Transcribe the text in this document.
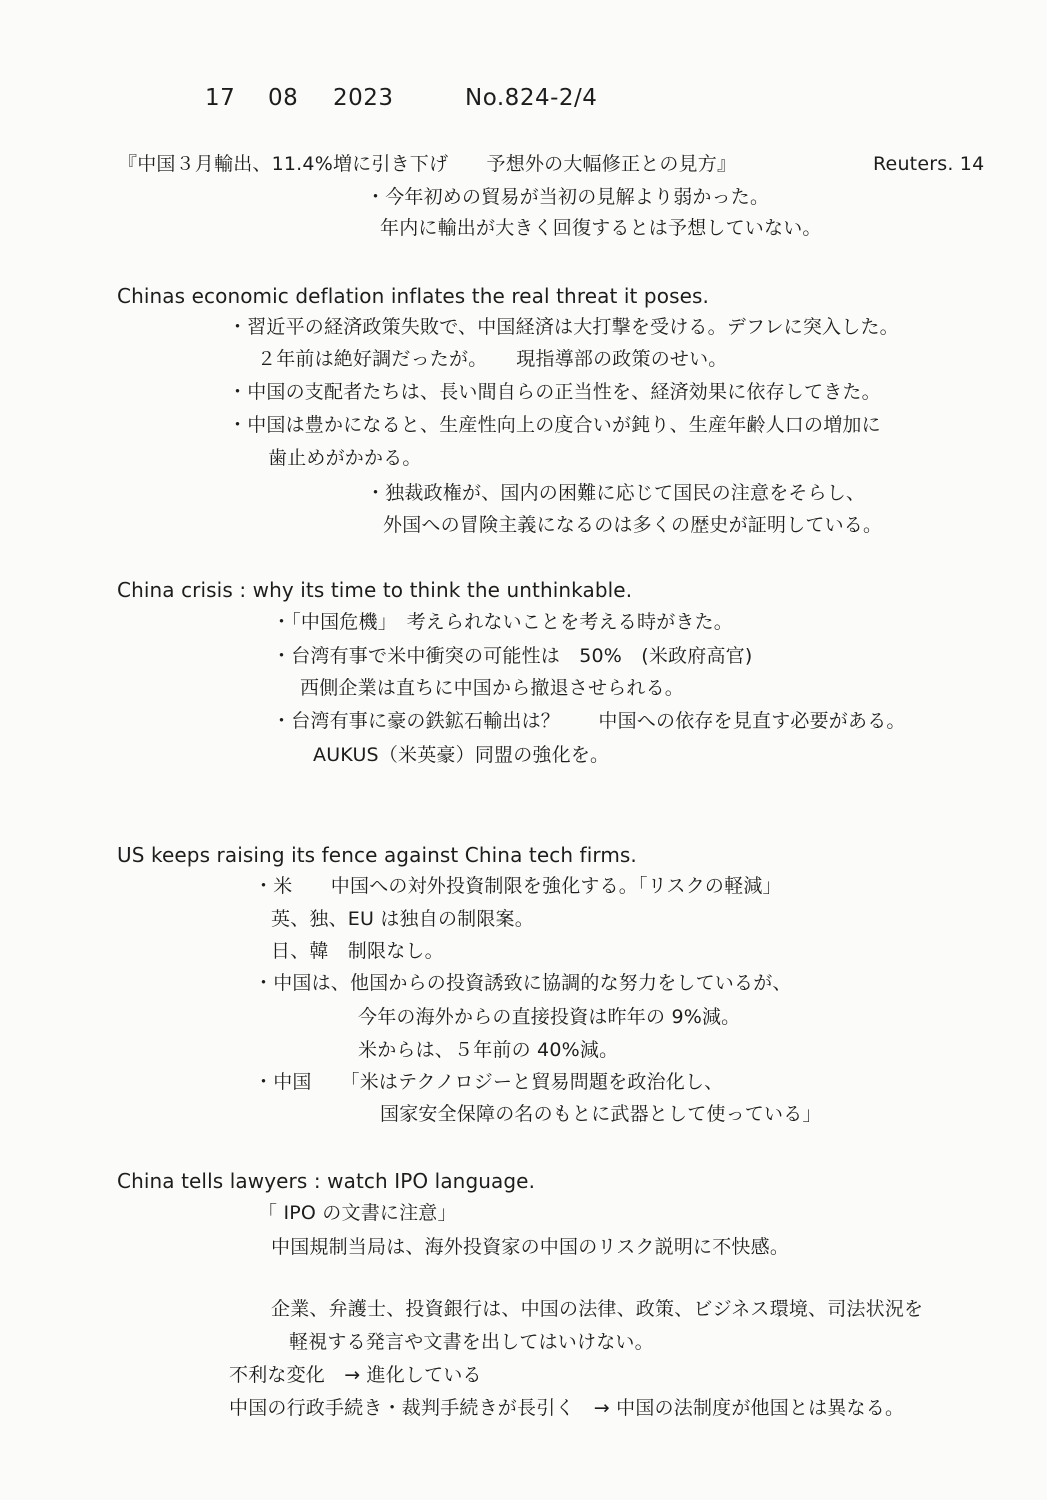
17 08 2023	No.824-2/4
『中国３月輸出、11.4%増に引き下げ　　予想外の大幅修正との見方』	Reuters. 14
・今年初めの貿易が当初の見解より弱かった。
年内に輸出が大きく回復するとは予想していない。
Chinas economic deflation inflates the real threat it poses.
・習近平の経済政策失敗で、中国経済は大打撃を受ける。デフレに突入した。
２年前は絶好調だったが。　　現指導部の政策のせい。
・中国の支配者たちは、長い間自らの正当性を、経済効果に依存してきた。
・中国は豊かになると、生産性向上の度合いが鈍り、生産年齢人口の増加に
歯止めがかかる。
・独裁政権が、国内の困難に応じて国民の注意をそらし、
外国への冒険主義になるのは多くの歴史が証明している。
China crisis : why its time to think the unthinkable.
・「中国危機」　考えられないことを考える時がきた。
・台湾有事で米中衝突の可能性は　50%　(米政府高官)
西側企業は直ちに中国から撤退させられる。
・台湾有事に豪の鉄鉱石輸出は？　　中国への依存を見直す必要がある。
AUKUS（米英豪）同盟の強化を。
US keeps raising its fence against China tech firms.
・米　　中国への対外投資制限を強化する。「リスクの軽減」
英、独、EU は独自の制限案。
日、韓　制限なし。
・中国は、他国からの投資誘致に協調的な努力をしているが、
今年の海外からの直接投資は昨年の 9%減。
米からは、５年前の 40%減。
・中国　　「米はテクノロジーと貿易問題を政治化し、
国家安全保障の名のもとに武器として使っている」
China tells lawyers : watch IPO language.
「 IPO の文書に注意」
中国規制当局は、海外投資家の中国のリスク説明に不快感。
企業、弁護士、投資銀行は、中国の法律、政策、ビジネス環境、司法状況を
軽視する発言や文書を出してはいけない。
不利な変化　→ 進化している
中国の行政手続き・裁判手続きが長引く　→ 中国の法制度が他国とは異なる。
